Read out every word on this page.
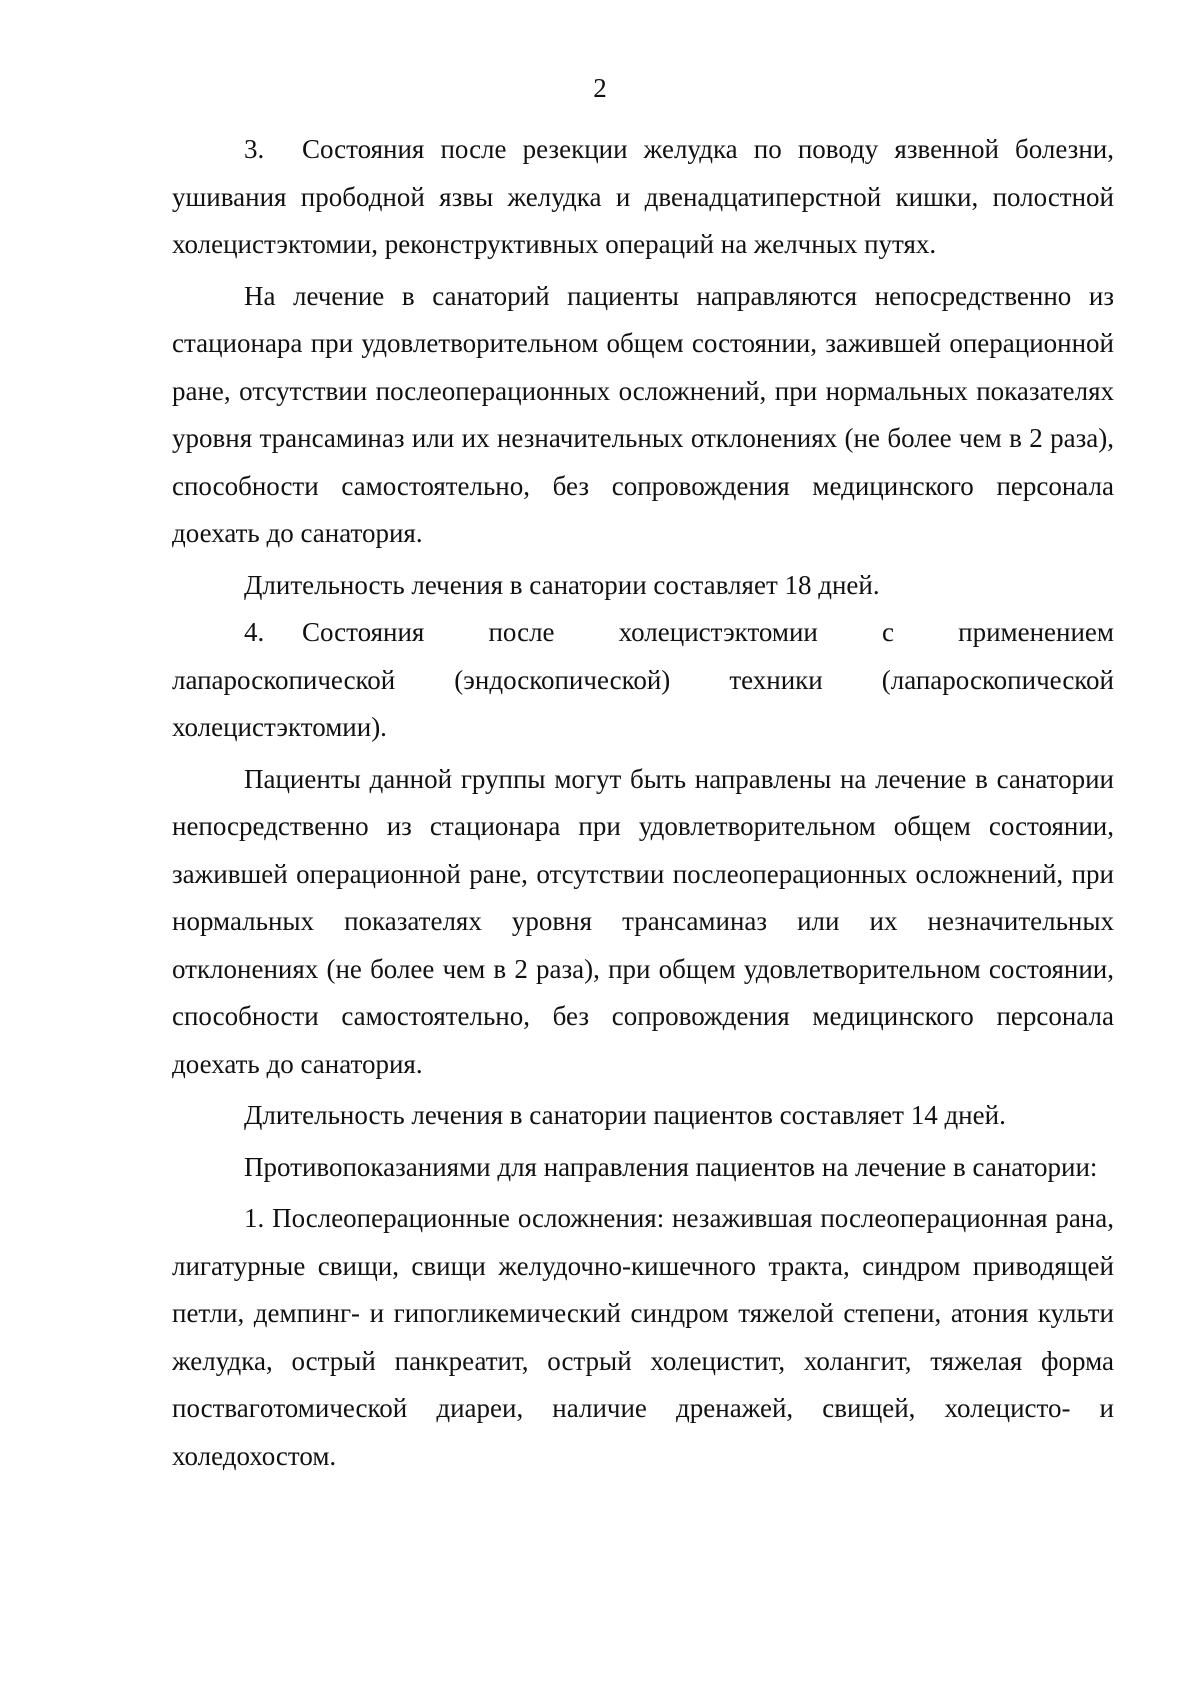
2

3. Состояния после резекции желудка по поводу язвенной болезни, ушивания прободной язвы желудка и двенадцатиперстной кишки, полостной холецистэктомии, реконструктивных операций на желчных путях.

На лечение в санаторий пациенты направляются непосредственно из стационара при удовлетворительном общем состоянии, зажившей операционной ране, отсутствии послеоперационных осложнений, при нормальных показателях уровня трансаминаз или их незначительных отклонениях (не более чем в 2 раза), способности самостоятельно, без сопровождения медицинского персонала доехать до санатория.

Длительность лечения в санатории составляет 18 дней.

4. Состояния после холецистэктомии с применением лапароскопической (эндоскопической) техники (лапароскопической холецистэктомии).

Пациенты данной группы могут быть направлены на лечение в санатории непосредственно из стационара при удовлетворительном общем состоянии, зажившей операционной ране, отсутствии послеоперационных осложнений, при нормальных показателях уровня трансаминаз или их незначительных отклонениях (не более чем в 2 раза), при общем удовлетворительном состоянии, способности самостоятельно, без сопровождения медицинского персонала доехать до санатория.

Длительность лечения в санатории пациентов составляет 14 дней.

Противопоказаниями для направления пациентов на лечение в санатории:

1. Послеоперационные осложнения: незажившая послеоперационная рана, лигатурные свищи, свищи желудочно-кишечного тракта, синдром приводящей петли, демпинг- и гипогликемический синдром тяжелой степени, атония культи желудка, острый панкреатит, острый холецистит, холангит, тяжелая форма поствагoтомической диареи, наличие дренажей, свищей, холецисто- и холедохостом.
